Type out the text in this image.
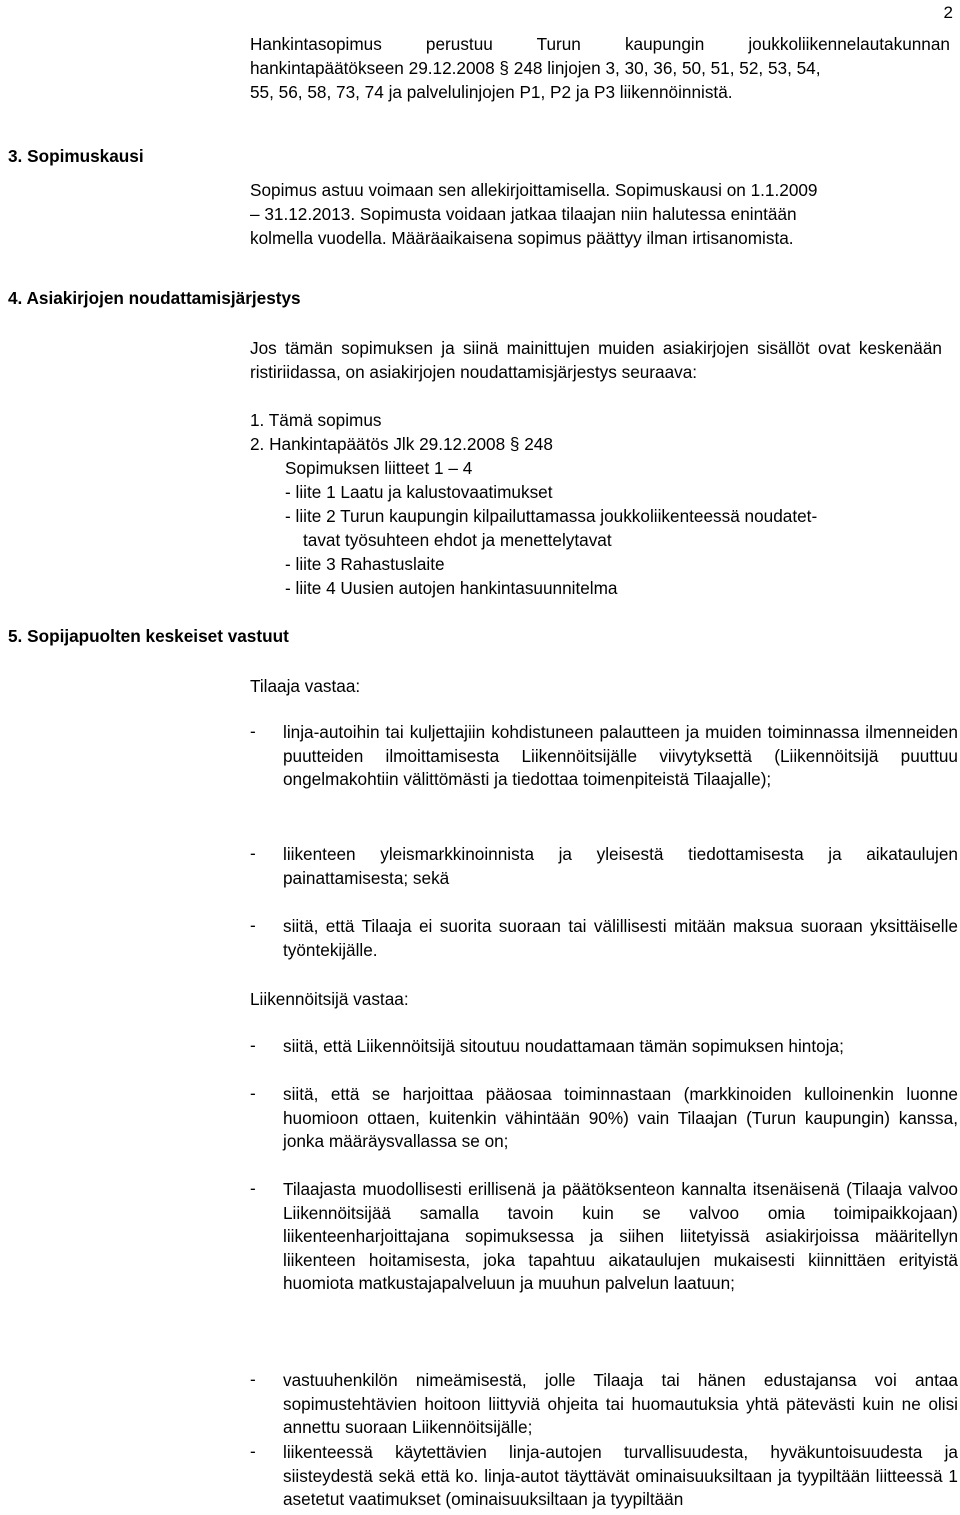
2
Hankintasopimus perustuu Turun kaupungin joukkoliikennelautakunnan
hankintapäätökseen 29.12.2008 § 248 linjojen 3, 30, 36, 50, 51, 52, 53, 54,
55, 56, 58, 73, 74 ja palvelulinjojen P1, P2 ja P3 liikennöinnistä.
3. Sopimuskausi
Sopimus astuu voimaan sen allekirjoittamisella. Sopimuskausi on 1.1.2009
– 31.12.2013. Sopimusta voidaan jatkaa tilaajan niin halutessa enintään
kolmella vuodella. Määräaikaisena sopimus päättyy ilman irtisanomista.
4. Asiakirjojen noudattamisjärjestys
Jos tämän sopimuksen ja siinä mainittujen muiden asiakirjojen sisällöt ovat keskenään ristiriidassa, on asiakirjojen noudattamisjärjestys seuraava:
1. Tämä sopimus
2. Hankintapäätös Jlk 29.12.2008 § 248
Sopimuksen liitteet 1 – 4
- liite 1 Laatu ja kalustovaatimukset
- liite 2 Turun kaupungin kilpailuttamassa joukkoliikenteessä noudatet-
tavat työsuhteen ehdot ja menettelytavat
- liite 3 Rahastuslaite
- liite 4 Uusien autojen hankintasuunnitelma
5. Sopijapuolten keskeiset vastuut
Tilaaja vastaa:
- linja-autoihin tai kuljettajiin kohdistuneen palautteen ja muiden toiminnassa ilmenneiden puutteiden ilmoittamisesta Liikennöitsijälle viivytyksettä (Liikennöitsijä puuttuu ongelmakohtiin välittömästi ja tiedottaa toimenpiteistä Tilaajalle);
- liikenteen yleismarkkinoinnista ja yleisestä tiedottamisesta ja aikataulujen painattamisesta; sekä
- siitä, että Tilaaja ei suorita suoraan tai välillisesti mitään maksua suoraan yksittäiselle työntekijälle.
Liikennöitsijä vastaa:
- siitä, että Liikennöitsijä sitoutuu noudattamaan tämän sopimuksen hintoja;
- siitä, että se harjoittaa pääosaa toiminnastaan (markkinoiden kulloinenkin luonne huomioon ottaen, kuitenkin vähintään 90%) vain Tilaajan (Turun kaupungin) kanssa, jonka määräysvallassa se on;
- Tilaajasta muodollisesti erillisenä ja päätöksenteon kannalta itsenäisenä (Tilaaja valvoo Liikennöitsijää samalla tavoin kuin se valvoo omia toimipaikkojaan) liikenteenharjoittajana sopimuksessa ja siihen liitetyissä asiakirjoissa määritellyn liikenteen hoitamisesta, joka tapahtuu aikataulujen mukaisesti kiinnittäen erityistä huomiota matkustajapalveluun ja muuhun palvelun laatuun;
- vastuuhenkilön nimeämisestä, jolle Tilaaja tai hänen edustajansa voi antaa sopimustehtävien hoitoon liittyviä ohjeita tai huomautuksia yhtä pätevästi kuin ne olisi annettu suoraan Liikennöitsijälle;
- liikenteessä käytettävien linja-autojen turvallisuudesta, hyväkuntoisuudesta ja siisteydestä sekä että ko. linja-autot täyttävät ominaisuuksiltaan ja tyypiltään liitteessä 1 asetetut vaatimukset (ominaisuuksiltaan ja tyypiltään
